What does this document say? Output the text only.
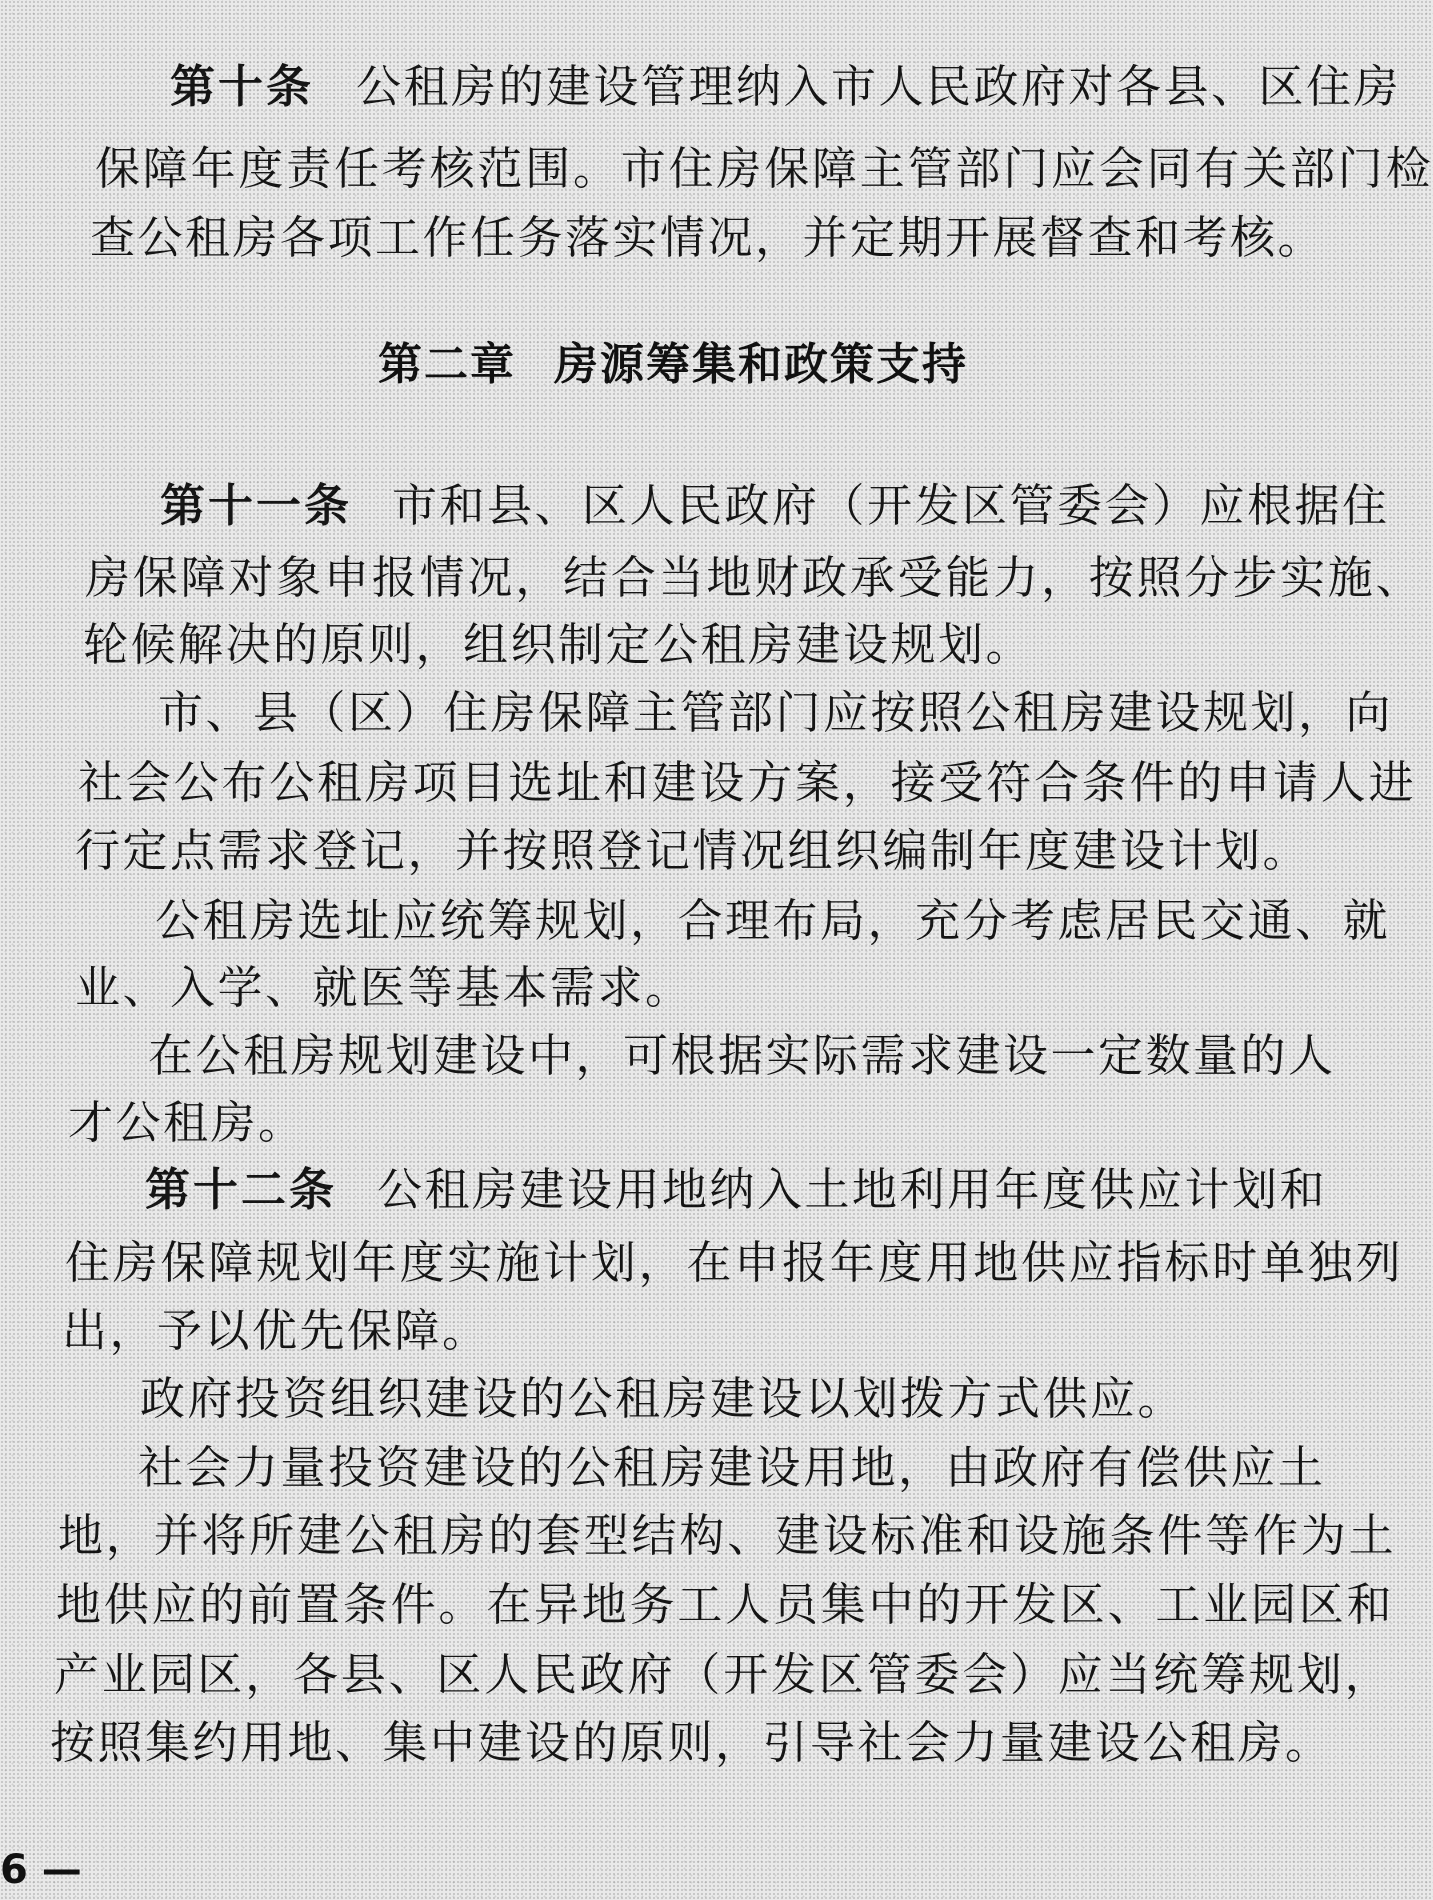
第十条 公租房的建设管理纳入市人民政府对各县、区住房
保障年度责任考核范围。市住房保障主管部门应会同有关部门检
查公租房各项工作任务落实情况，并定期开展督查和考核。
第二章 房源筹集和政策支持
第十一条 市和县、区人民政府（开发区管委会）应根据住
房保障对象申报情况，结合当地财政承受能力，按照分步实施、
轮候解决的原则，组织制定公租房建设规划。
市、县（区）住房保障主管部门应按照公租房建设规划，向
社会公布公租房项目选址和建设方案，接受符合条件的申请人进
行定点需求登记，并按照登记情况组织编制年度建设计划。
公租房选址应统筹规划，合理布局，充分考虑居民交通、就
业、入学、就医等基本需求。
在公租房规划建设中，可根据实际需求建设一定数量的人
才公租房。
第十二条 公租房建设用地纳入土地利用年度供应计划和
住房保障规划年度实施计划，在申报年度用地供应指标时单独列
出，予以优先保障。
政府投资组织建设的公租房建设以划拨方式供应。
社会力量投资建设的公租房建设用地，由政府有偿供应土
地，并将所建公租房的套型结构、建设标准和设施条件等作为土
地供应的前置条件。在异地务工人员集中的开发区、工业园区和
产业园区，各县、区人民政府（开发区管委会）应当统筹规划，
按照集约用地、集中建设的原则，引导社会力量建设公租房。
6 —
